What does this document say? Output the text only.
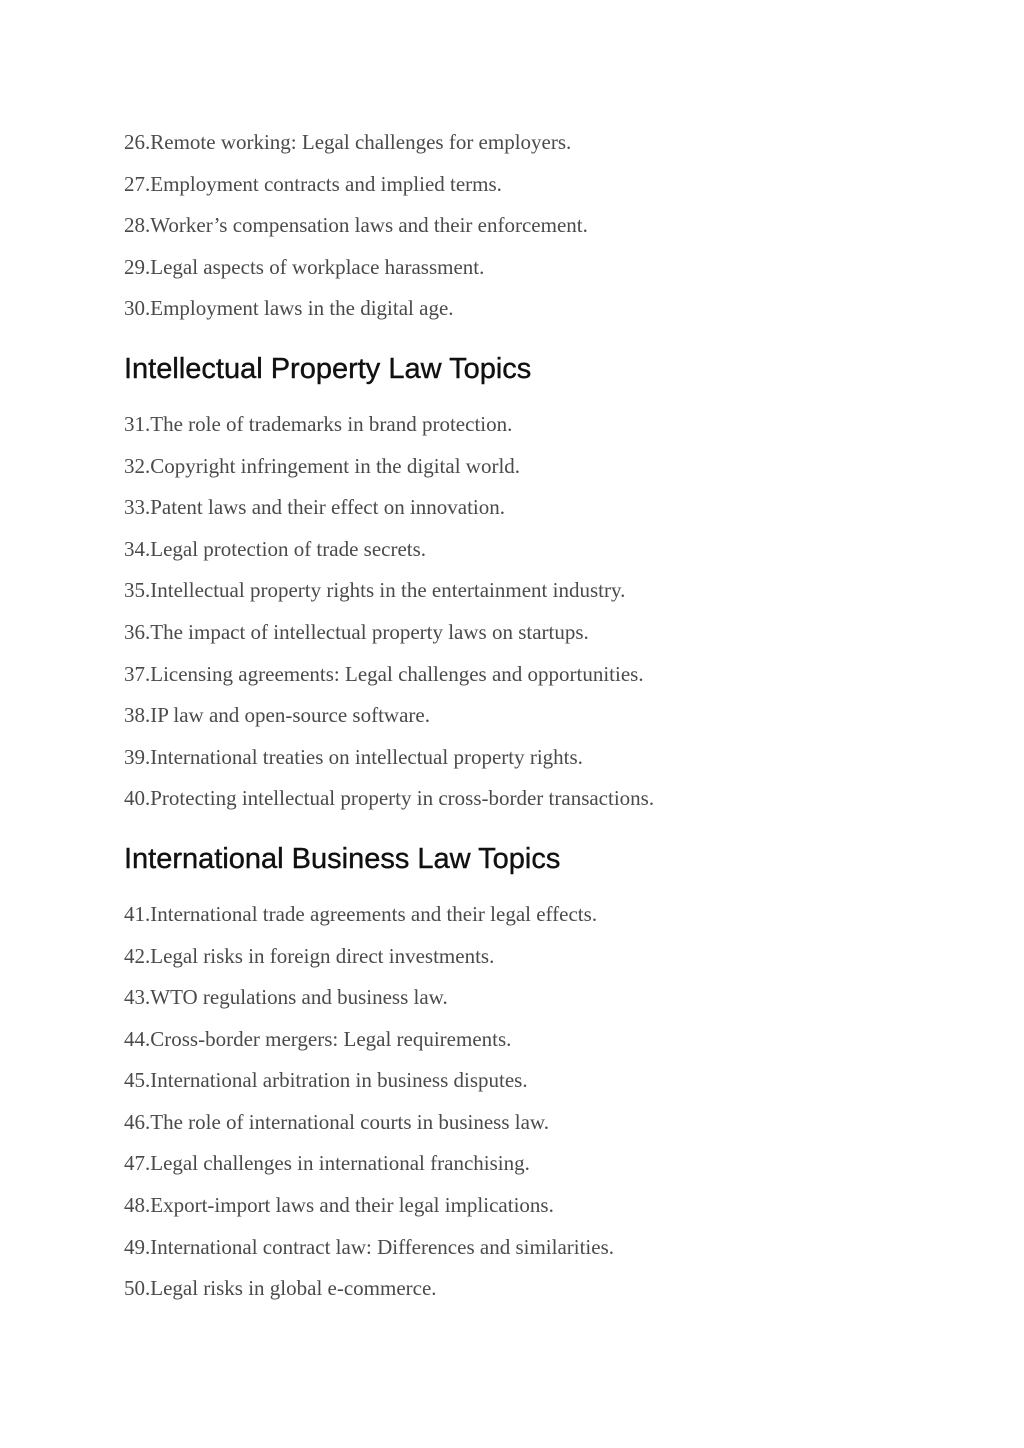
26.Remote working: Legal challenges for employers.
27.Employment contracts and implied terms.
28.Worker’s compensation laws and their enforcement.
29.Legal aspects of workplace harassment.
30.Employment laws in the digital age.
Intellectual Property Law Topics
31.The role of trademarks in brand protection.
32.Copyright infringement in the digital world.
33.Patent laws and their effect on innovation.
34.Legal protection of trade secrets.
35.Intellectual property rights in the entertainment industry.
36.The impact of intellectual property laws on startups.
37.Licensing agreements: Legal challenges and opportunities.
38.IP law and open-source software.
39.International treaties on intellectual property rights.
40.Protecting intellectual property in cross-border transactions.
International Business Law Topics
41.International trade agreements and their legal effects.
42.Legal risks in foreign direct investments.
43.WTO regulations and business law.
44.Cross-border mergers: Legal requirements.
45.International arbitration in business disputes.
46.The role of international courts in business law.
47.Legal challenges in international franchising.
48.Export-import laws and their legal implications.
49.International contract law: Differences and similarities.
50.Legal risks in global e-commerce.
